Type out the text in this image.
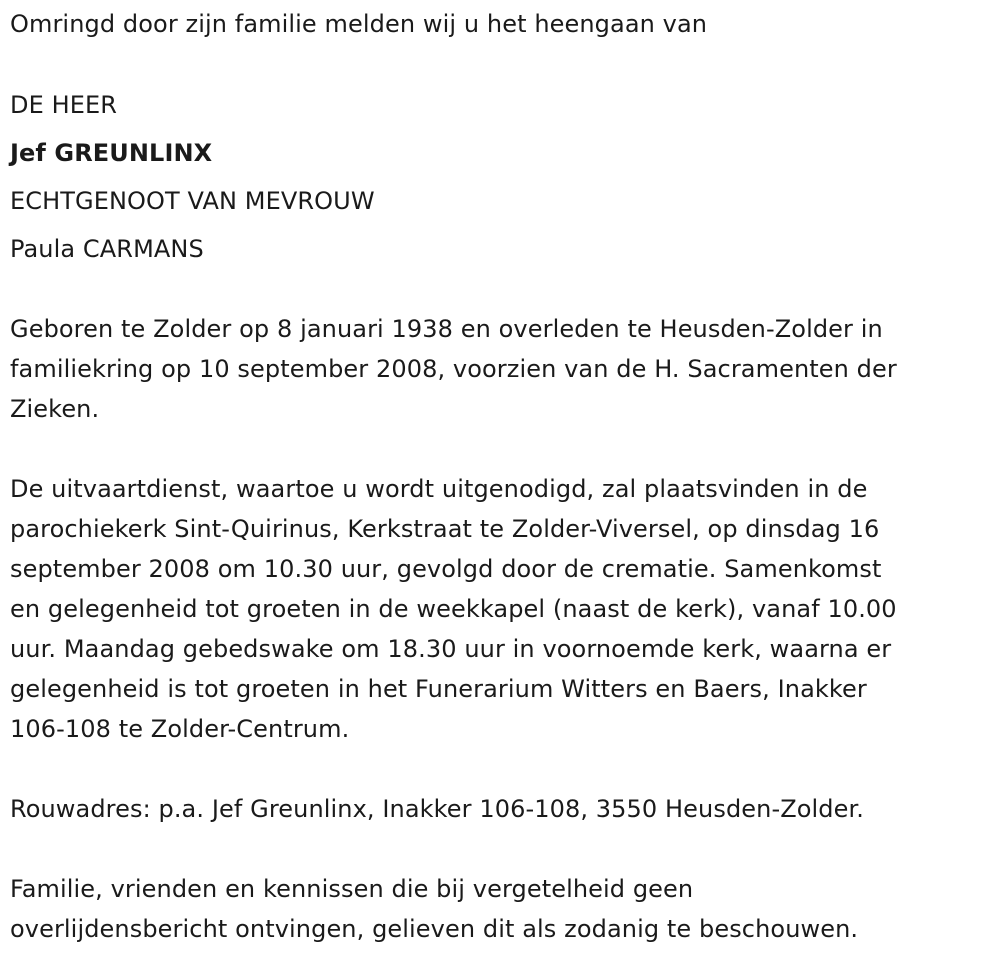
Omringd door zijn familie melden wij u het heengaan van
DE HEER
Jef GREUNLINX
ECHTGENOOT VAN MEVROUW
Paula CARMANS
Geboren te Zolder op 8 januari 1938 en overleden te Heusden-Zolder in
familiekring op 10 september 2008, voorzien van de H. Sacramenten der
Zieken.
De uitvaartdienst, waartoe u wordt uitgenodigd, zal plaatsvinden in de
parochiekerk Sint-Quirinus, Kerkstraat te Zolder-Viversel, op dinsdag 16
september 2008 om 10.30 uur, gevolgd door de crematie. Samenkomst
en gelegenheid tot groeten in de weekkapel (naast de kerk), vanaf 10.00
uur. Maandag gebedswake om 18.30 uur in voornoemde kerk, waarna er
gelegenheid is tot groeten in het Funerarium Witters en Baers, Inakker
106-108 te Zolder-Centrum.
Rouwadres: p.a. Jef Greunlinx, Inakker 106-108, 3550 Heusden-Zolder.
Familie, vrienden en kennissen die bij vergetelheid geen
overlijdensbericht ontvingen, gelieven dit als zodanig te beschouwen.
